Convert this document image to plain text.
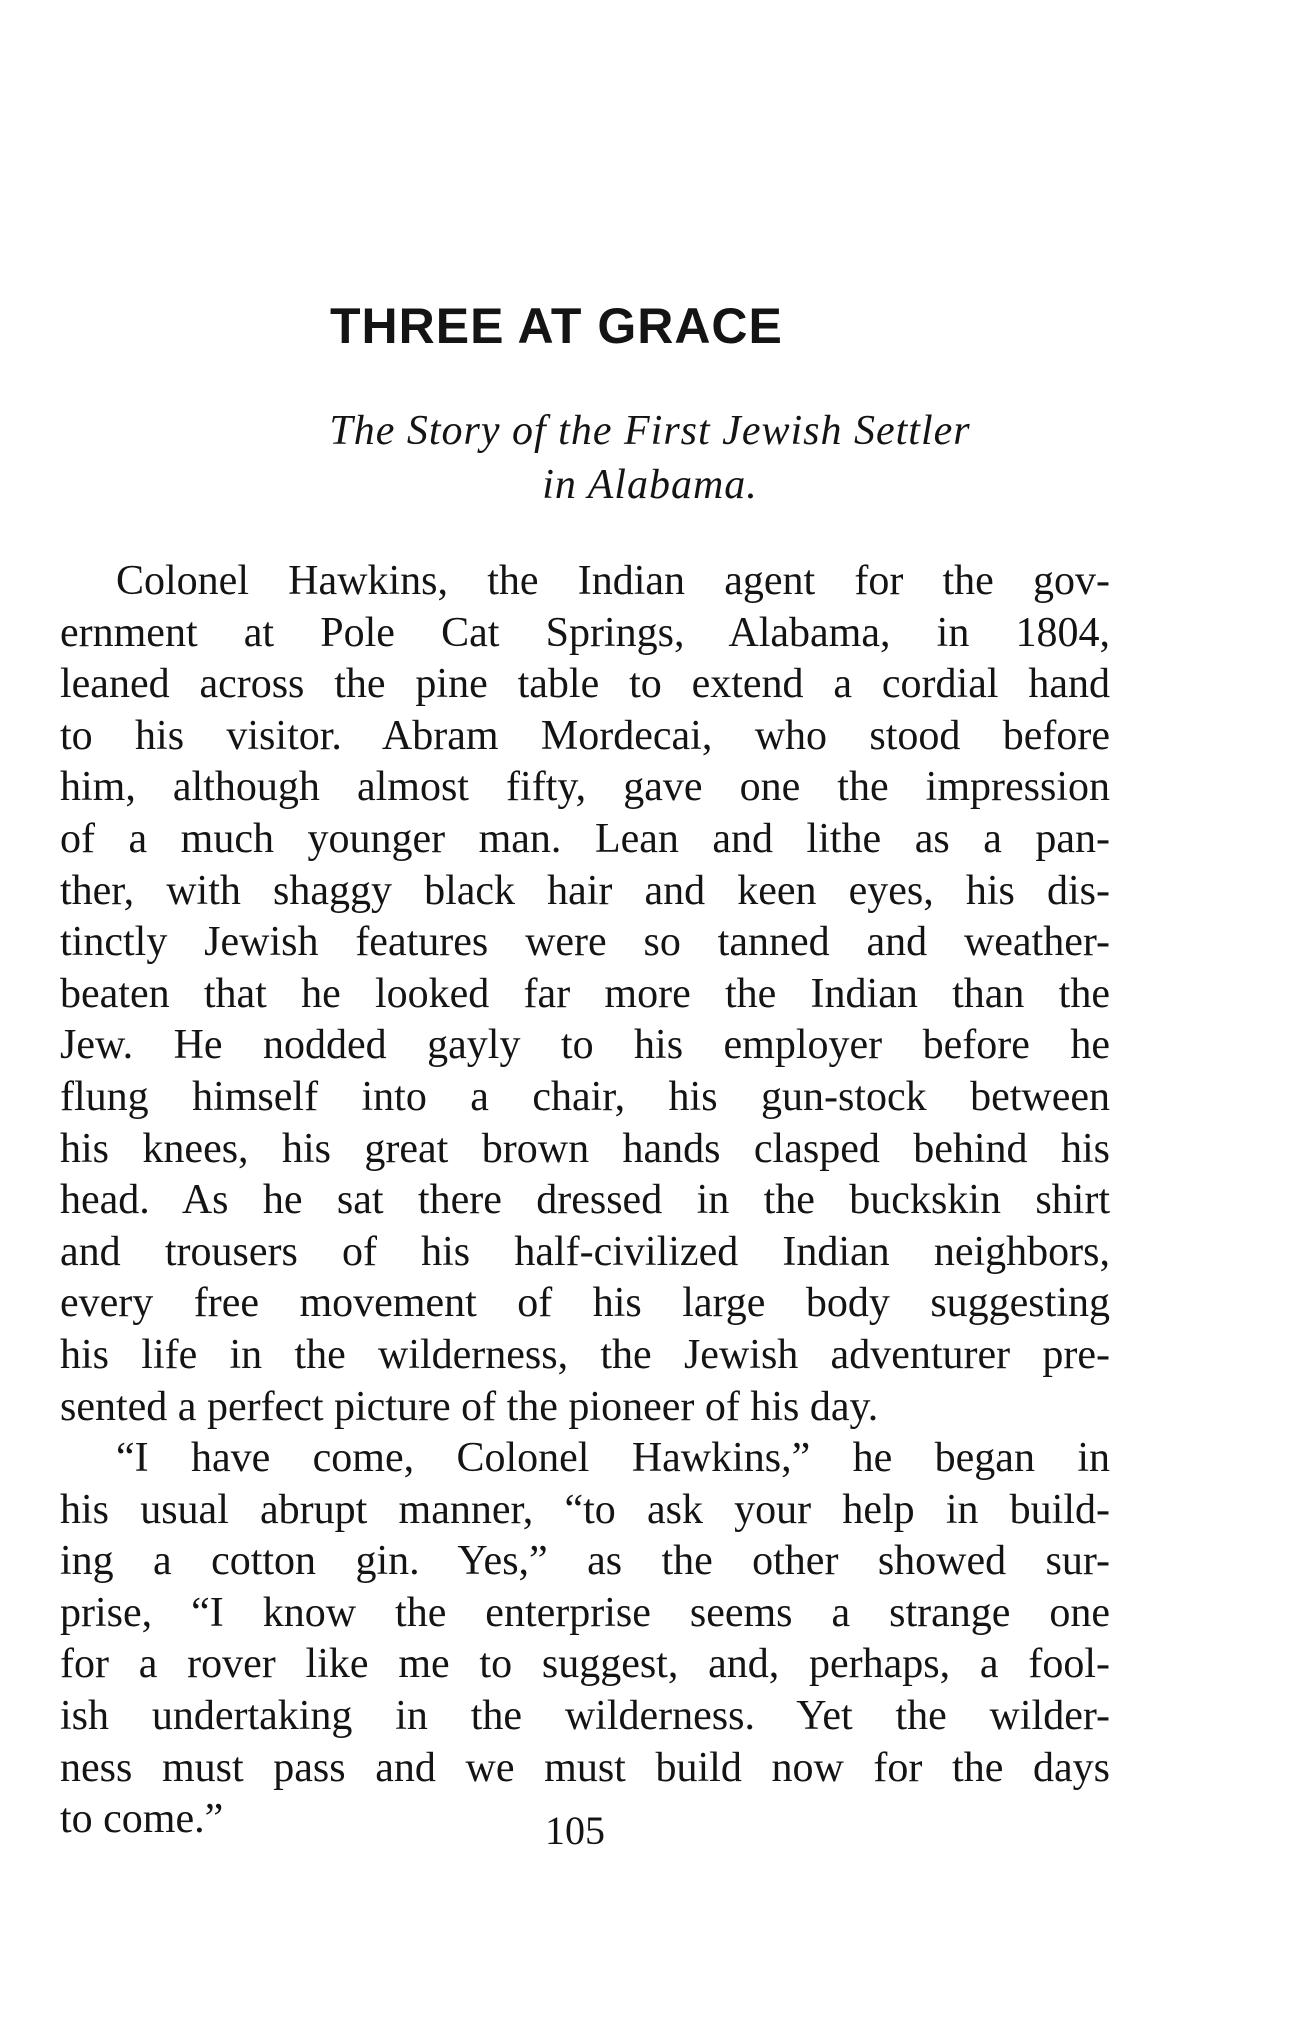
THREE AT GRACE

The Story of the First Jewish Settler
in Alabama.

Colonel Hawkins, the Indian agent for the gov-
ernment at Pole Cat Springs, Alabama, in 1804,
leaned across the pine table to extend a cordial hand
to his visitor. Abram Mordecai, who stood before
him, although almost fifty, gave one the impression
of a much younger man. Lean and lithe as a pan-
ther, with shaggy black hair and keen eyes, his dis-
tinctly Jewish features were so tanned and weather-
beaten that he looked far more the Indian than the
Jew. He nodded gayly to his employer before he
flung himself into a chair, his gun-stock between
his knees, his great brown hands clasped behind his
head. As he sat there dressed in the buckskin shirt
and trousers of his half-civilized Indian neighbors,
every free movement of his large body suggesting
his life in the wilderness, the Jewish adventurer pre-
sented a perfect picture of the pioneer of his day.

“I have come, Colonel Hawkins,” he began in
his usual abrupt manner, “to ask your help in build-
ing a cotton gin. Yes,” as the other showed sur-
prise, “I know the enterprise seems a strange one
for a rover like me to suggest, and, perhaps, a fool-
ish undertaking in the wilderness. Yet the wilder-
ness must pass and we must build now for the days
to come.”	105
